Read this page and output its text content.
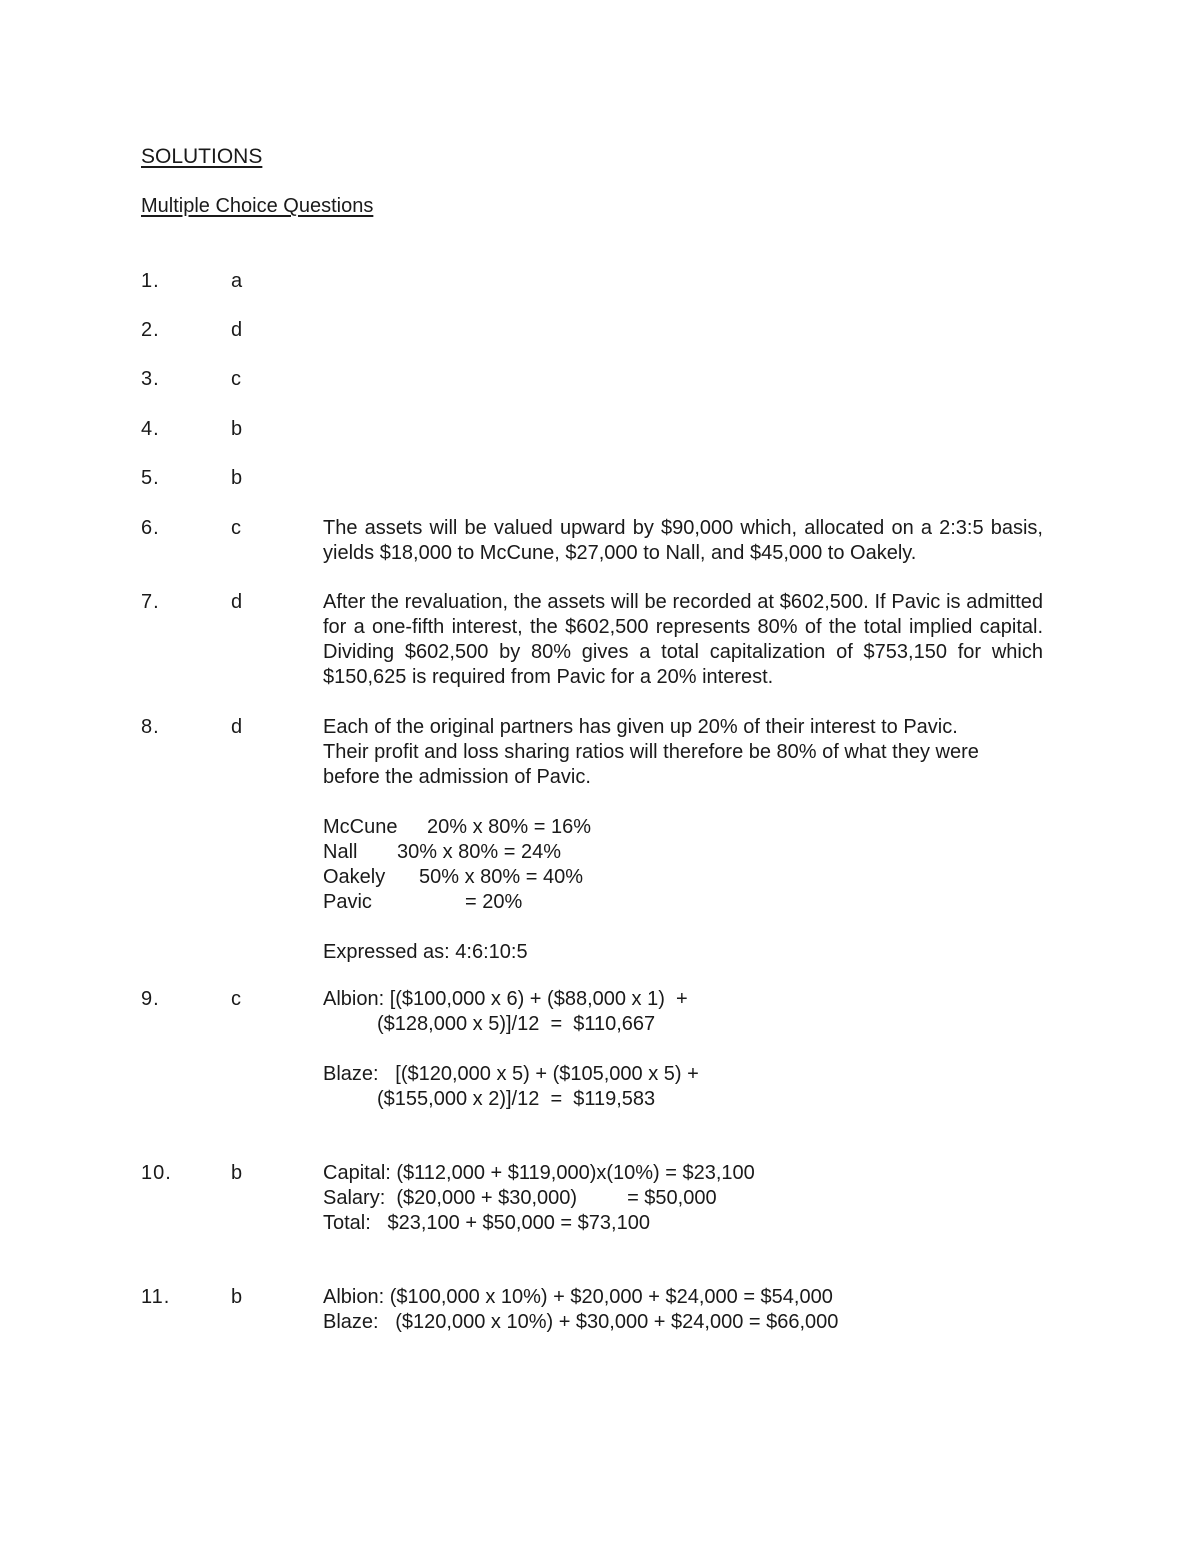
SOLUTIONS
Multiple Choice Questions
1.	a
2.	d
3.	c
4.	b
5.	b
6.	c	The assets will be valued upward by $90,000 which, allocated on a 2:3:5 basis, yields $18,000 to McCune, $27,000 to Nall, and $45,000 to Oakely.
7.	d	After the revaluation, the assets will be recorded at $602,500. If Pavic is admitted for a one-fifth interest, the $602,500 represents 80% of the total implied capital. Dividing $602,500 by 80% gives a total capitalization of $753,150 for which $150,625 is required from Pavic for a 20% interest.
8.	d	Each of the original partners has given up 20% of their interest to Pavic.
Their profit and loss sharing ratios will therefore be 80% of what they were
before the admission of Pavic.
McCune	20% x 80% = 16%
Nall	30% x 80% = 24%
Oakely	50% x 80% = 40%
Pavic	= 20%
Expressed as: 4:6:10:5
9.	c	Albion: [($100,000 x 6) + ($88,000 x 1)  +
($128,000 x 5)]/12  =  $110,667
Blaze:   [($120,000 x 5) + ($105,000 x 5) +
($155,000 x 2)]/12  =  $119,583
10.	b	Capital: ($112,000 + $119,000)x(10%) = $23,100
Salary:  ($20,000 + $30,000)         = $50,000
Total:   $23,100 + $50,000 = $73,100
11.	b	Albion: ($100,000 x 10%) + $20,000 + $24,000 = $54,000
Blaze:   ($120,000 x 10%) + $30,000 + $24,000 = $66,000
